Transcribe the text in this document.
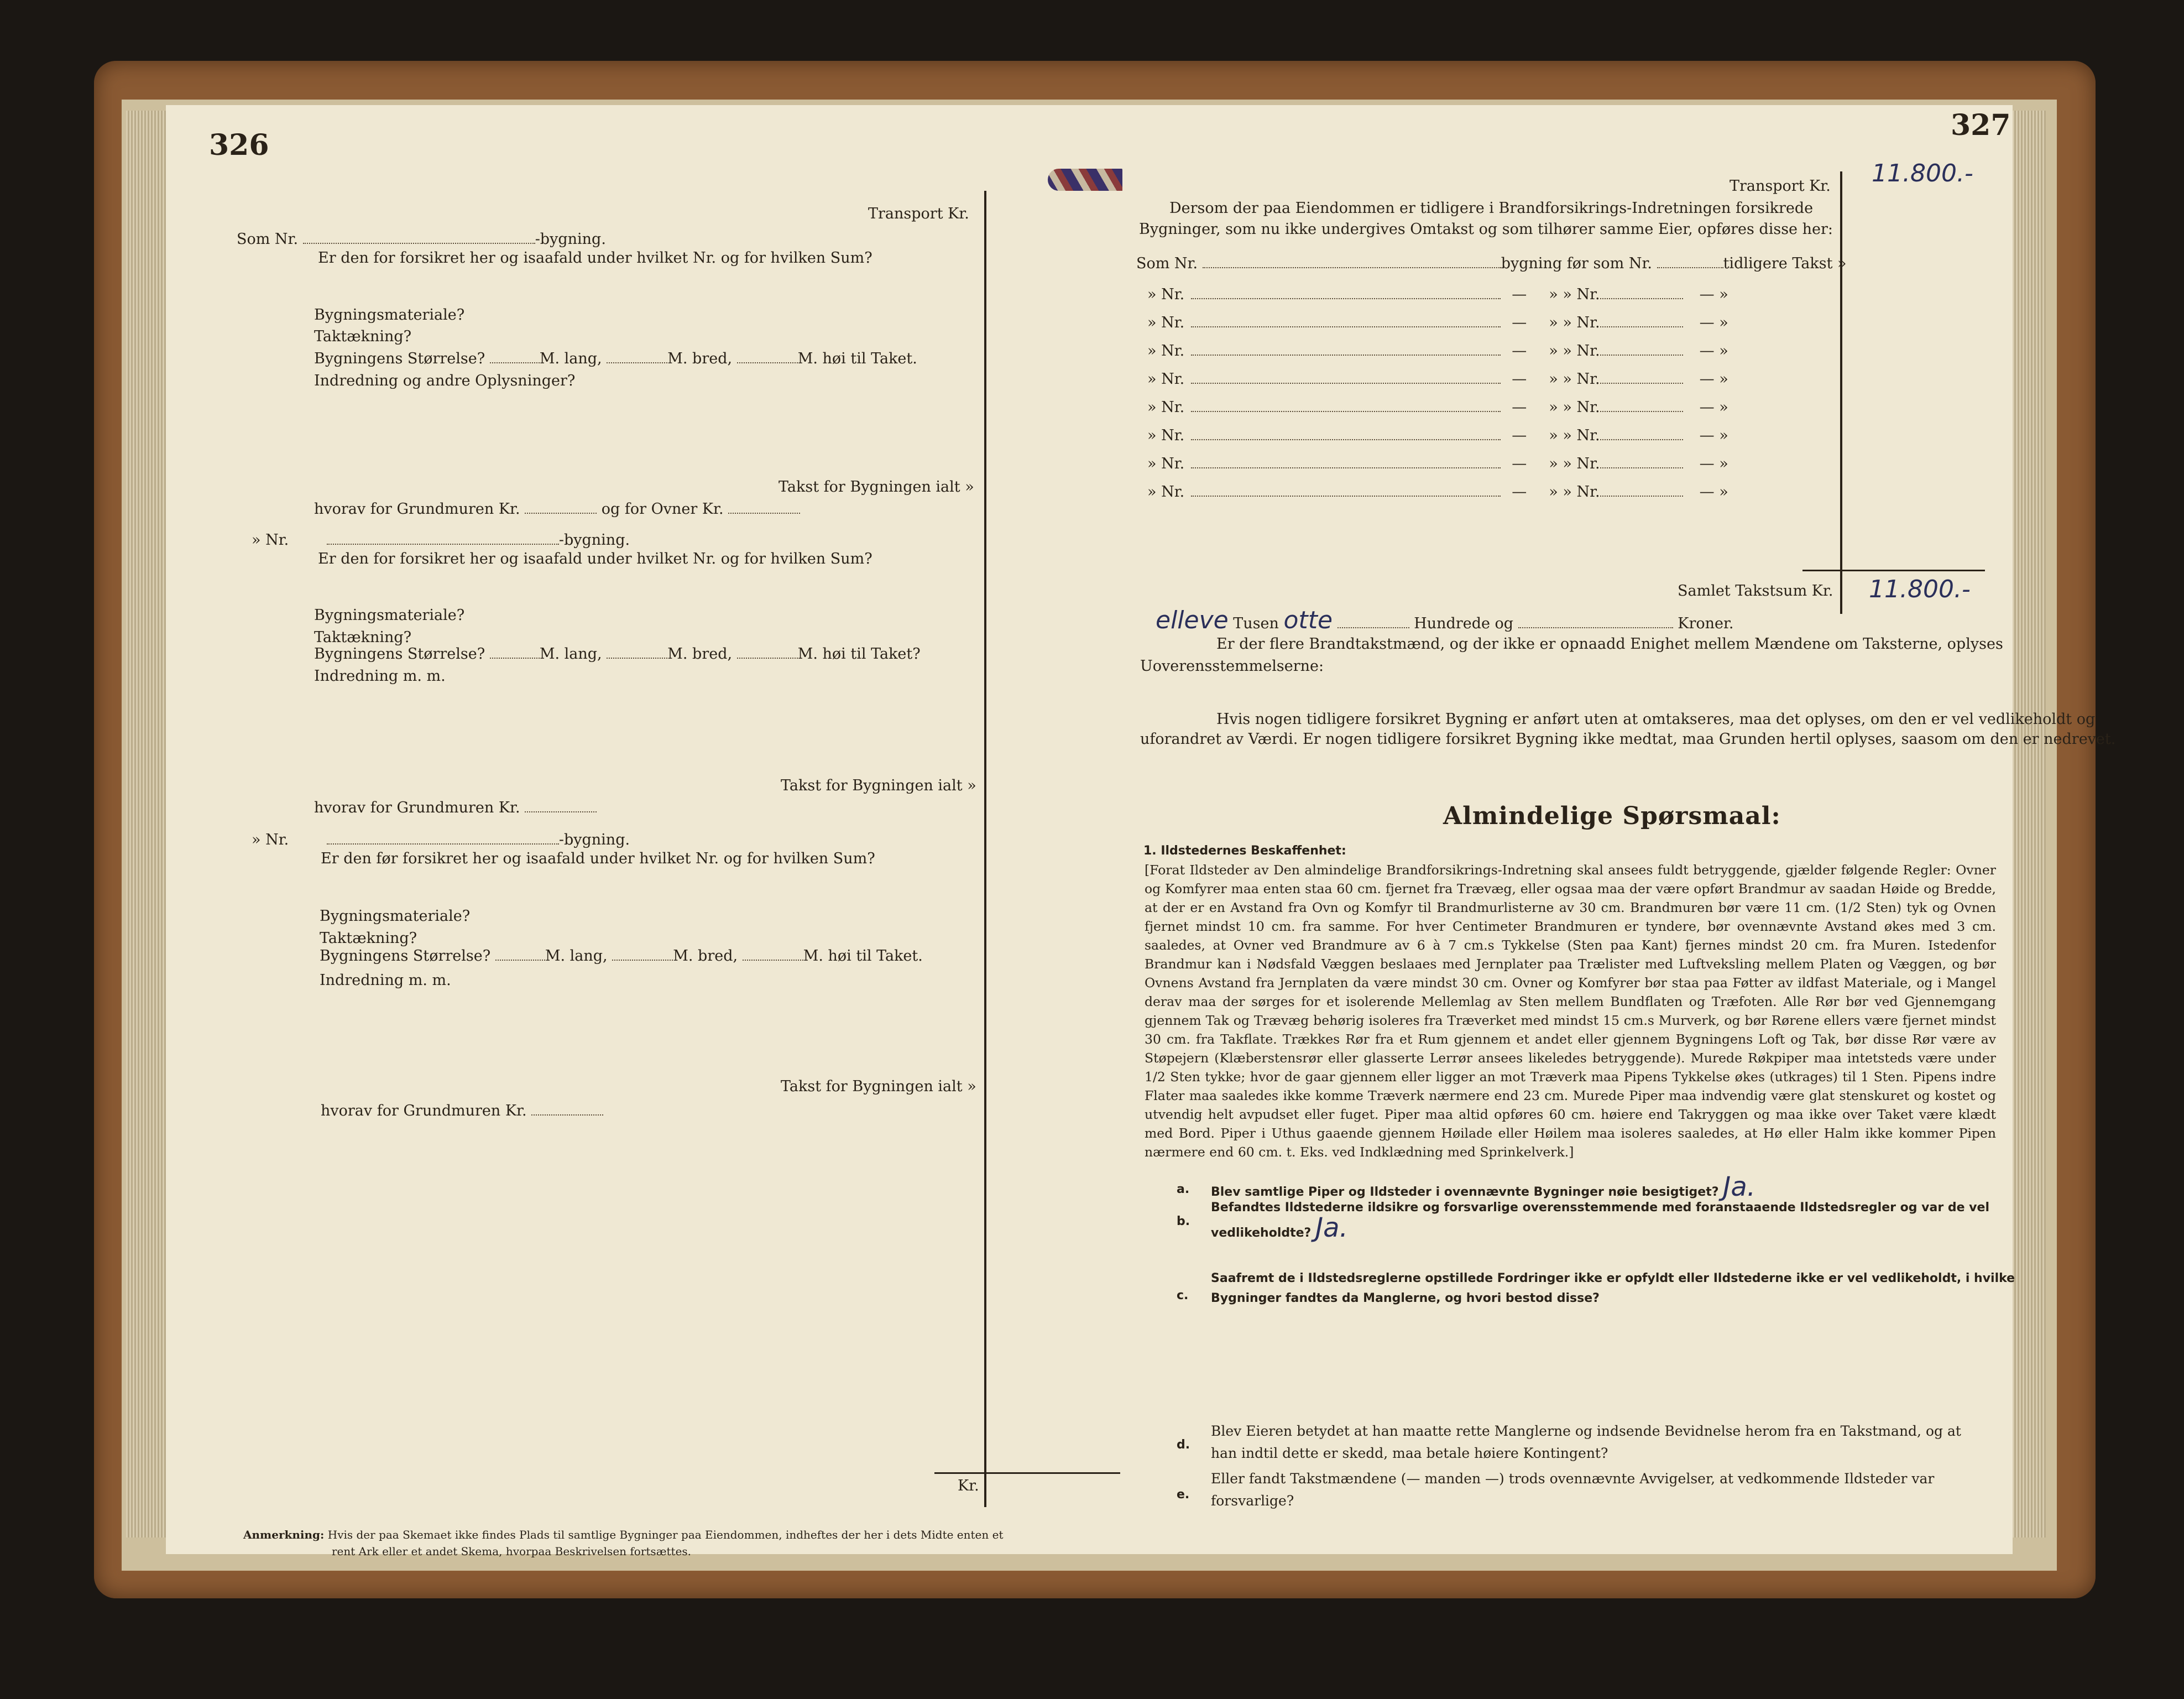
326
Transport Kr.
Som Nr.	-bygning.
Er den for forsikret her og isaafald under hvilket Nr. og for hvilken Sum?
Bygningsmateriale?
Taktækning?
Bygningens Størrelse?	M. lang,	M. bred,	M. høi til Taket.
Indredning og andre Oplysninger?
Takst for Bygningen ialt »
hvorav for Grundmuren Kr.	og for Ovner Kr.
» Nr.	-bygning.
Er den for forsikret her og isaafald under hvilket Nr. og for hvilken Sum?
Bygningsmateriale?
Taktækning?
Bygningens Størrelse?	M. lang,	M. bred,	M. høi til Taket?
Indredning m. m.
Takst for Bygningen ialt »
hvorav for Grundmuren Kr.
» Nr.	-bygning.
Er den før forsikret her og isaafald under hvilket Nr. og for hvilken Sum?
Bygningsmateriale?
Taktækning?
Bygningens Størrelse?	M. lang,	M. bred,	M. høi til Taket.
Indredning m. m.
Takst for Bygningen ialt »
hvorav for Grundmuren Kr.
Kr.
Anmerkning: Hvis der paa Skemaet ikke findes Plads til samtlige Bygninger paa Eiendommen, indheftes der her i dets Midte enten et
rent Ark eller et andet Skema, hvorpaa Beskrivelsen fortsættes.
327
Transport Kr. 11.800.-
Dersom der paa Eiendommen er tidligere i Brandforsikrings-Indretningen forsikrede
Bygninger, som nu ikke undergives Omtakst og som tilhører samme Eier, opføres disse her:
Som Nr.	bygning før som Nr.	tidligere Takst »
» Nr.	— » » Nr.	— »
» Nr.	— » » Nr.	— »
» Nr.	— » » Nr.	— »
» Nr.	— » » Nr.	— »
» Nr.	— » » Nr.	— »
» Nr.	— » » Nr.	— »
» Nr.	— » » Nr.	— »
» Nr.	— » » Nr.	— »
Samlet Takstsum Kr. 11.800.-
elleve Tusen otte	Hundrede og	Kroner.
Er der flere Brandtakstmænd, og der ikke er opnaadd Enighet mellem Mændene om Taksterne, oplyses
Uoverensstemmelserne:
Hvis nogen tidligere forsikret Bygning er anført uten at omtakseres, maa det oplyses, om den er vel vedlikeholdt og
uforandret av Værdi. Er nogen tidligere forsikret Bygning ikke medtat, maa Grunden hertil oplyses, saasom om den er nedrevet.
Almindelige Spørsmaal:
1. Ildstedernes Beskaffenhet:
[Forat Ildsteder av Den almindelige Brandforsikrings-Indretning skal ansees fuldt betryggende, gjælder følgende Regler: Ovner og Komfyrer maa enten staa 60 cm. fjernet fra Trævæg, eller ogsaa maa der være opført Brandmur av saadan Høide og Bredde, at der er en Avstand fra Ovn og Komfyr til Brandmurlisterne av 30 cm. Brandmuren bør være 11 cm. (1/2 Sten) tyk og Ovnen fjernet mindst 10 cm. fra samme. For hver Centimeter Brandmuren er tyndere, bør ovennævnte Avstand økes med 3 cm. saaledes, at Ovner ved Brandmure av 6 à 7 cm.s Tykkelse (Sten paa Kant) fjernes mindst 20 cm. fra Muren. Istedenfor Brandmur kan i Nødsfald Væggen beslaaes med Jernplater paa Trælister med Luftveksling mellem Platen og Væggen, og bør Ovnens Avstand fra Jernplaten da være mindst 30 cm. Ovner og Komfyrer bør staa paa Føtter av ildfast Materiale, og i Mangel derav maa der sørges for et isolerende Mellemlag av Sten mellem Bundflaten og Træfoten. Alle Rør bør ved Gjennemgang gjennem Tak og Trævæg behørig isoleres fra Træverket med mindst 15 cm.s Murverk, og bør Rørene ellers være fjernet mindst 30 cm. fra Takflate. Trækkes Rør fra et Rum gjennem et andet eller gjennem Bygningens Loft og Tak, bør disse Rør være av Støpejern (Klæberstensrør eller glasserte Lerrør ansees likeledes betryggende). Murede Røkpiper maa intetsteds være under 1/2 Sten tykke; hvor de gaar gjennem eller ligger an mot Træverk maa Pipens Tykkelse økes (utkrages) til 1 Sten. Pipens indre Flater maa saaledes ikke komme Træverk nærmere end 23 cm. Murede Piper maa indvendig være glat stenskuret og kostet og utvendig helt avpudset eller fuget. Piper maa altid opføres 60 cm. høiere end Takryggen og maa ikke over Taket være klædt med Bord. Piper i Uthus gaaende gjennem Høilade eller Høilem maa isoleres saaledes, at Hø eller Halm ikke kommer Pipen nærmere end 60 cm. t. Eks. ved Indklædning med Sprinkelverk.]
a. Blev samtlige Piper og Ildsteder i ovennævnte Bygninger nøie besigtiget? Ja.
b.
Befandtes Ildstederne ildsikre og forsvarlige overensstemmende med foranstaaende Ildstedsregler og var de vel
vedlikeholdte? Ja.
c.
Saafremt de i Ildstedsreglerne opstillede Fordringer ikke er opfyldt eller Ildstederne ikke er vel vedlikeholdt, i hvilke
Bygninger fandtes da Manglerne, og hvori bestod disse?
d.
Blev Eieren betydet at han maatte rette Manglerne og indsende Bevidnelse herom fra en Takstmand, og at
han indtil dette er skedd, maa betale høiere Kontingent?
e.
Eller fandt Takstmændene (— manden —) trods ovennævnte Avvigelser, at vedkommende Ildsteder var
forsvarlige?
